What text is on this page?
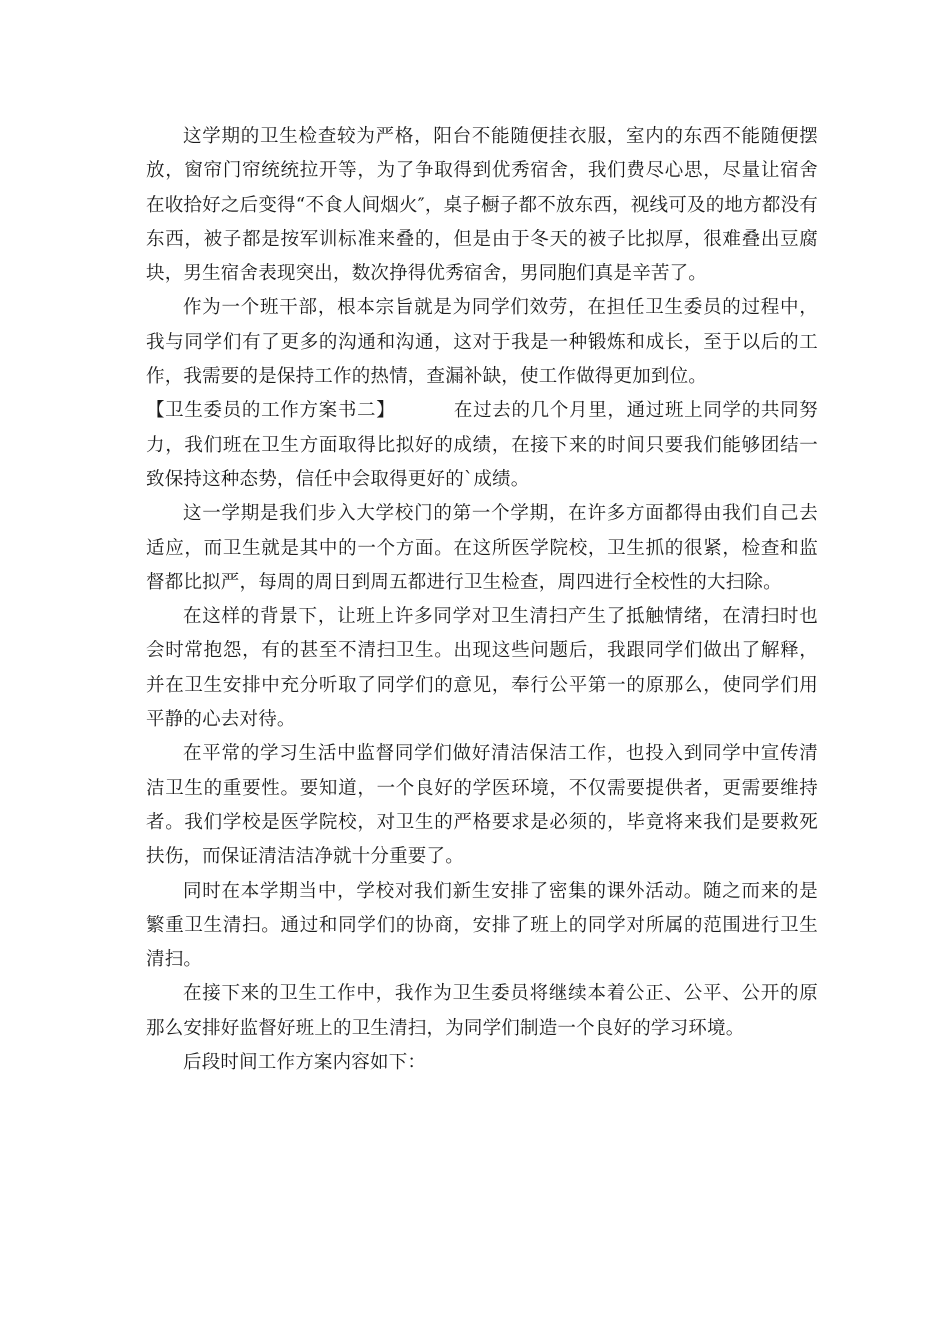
这学期的卫生检查较为严格，阳台不能随便挂衣服，室内的东西不能随便摆放，窗帘门帘统统拉开等，为了争取得到优秀宿舍，我们费尽心思，尽量让宿舍在收拾好之后变得“不食人间烟火″，桌子橱子都不放东西，视线可及的地方都没有东西，被子都是按军训标准来叠的，但是由于冬天的被子比拟厚，很难叠出豆腐块，男生宿舍表现突出，数次挣得优秀宿舍，男同胞们真是辛苦了。

作为一个班干部，根本宗旨就是为同学们效劳，在担任卫生委员的过程中，我与同学们有了更多的沟通和沟通，这对于我是一种锻炼和成长，至于以后的工作，我需要的是保持工作的热情，查漏补缺，使工作做得更加到位。

【卫生委员的工作方案书二】	在过去的几个月里，通过班上同学的共同努力，我们班在卫生方面取得比拟好的成绩，在接下来的时间只要我们能够团结一致保持这种态势，信任中会取得更好的`成绩。

这一学期是我们步入大学校门的第一个学期，在许多方面都得由我们自己去适应，而卫生就是其中的一个方面。在这所医学院校，卫生抓的很紧，检查和监督都比拟严，每周的周日到周五都进行卫生检查，周四进行全校性的大扫除。

在这样的背景下，让班上许多同学对卫生清扫产生了抵触情绪，在清扫时也会时常抱怨，有的甚至不清扫卫生。出现这些问题后，我跟同学们做出了解释，并在卫生安排中充分听取了同学们的意见，奉行公平第一的原那么，使同学们用平静的心去对待。

在平常的学习生活中监督同学们做好清洁保洁工作，也投入到同学中宣传清洁卫生的重要性。要知道，一个良好的学医环境，不仅需要提供者，更需要维持者。我们学校是医学院校，对卫生的严格要求是必须的，毕竟将来我们是要救死扶伤，而保证清洁洁净就十分重要了。

同时在本学期当中，学校对我们新生安排了密集的课外活动。随之而来的是繁重卫生清扫。通过和同学们的协商，安排了班上的同学对所属的范围进行卫生清扫。

在接下来的卫生工作中，我作为卫生委员将继续本着公正、公平、公开的原那么安排好监督好班上的卫生清扫，为同学们制造一个良好的学习环境。

后段时间工作方案内容如下：
